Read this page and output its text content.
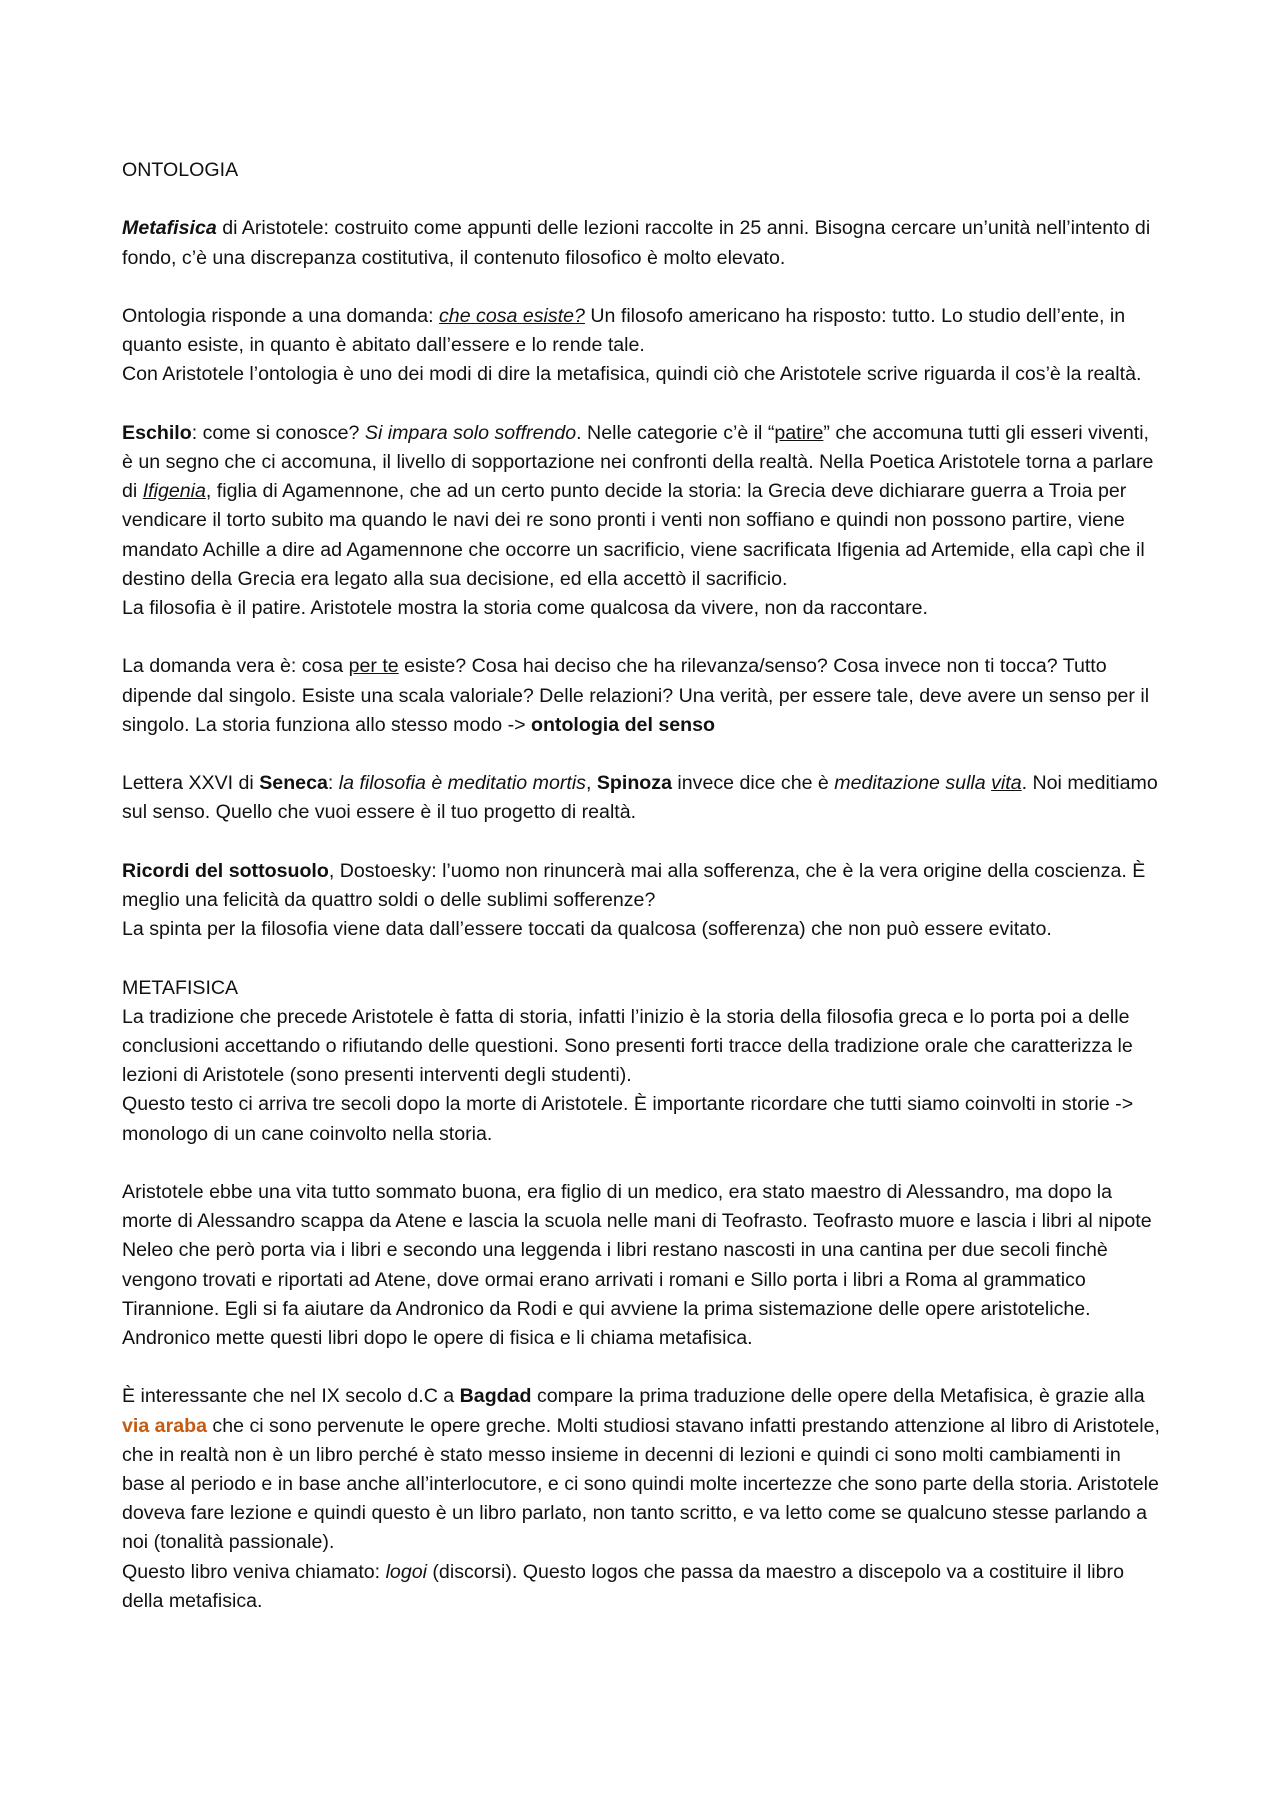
ONTOLOGIA

Metafisica di Aristotele: costruito come appunti delle lezioni raccolte in 25 anni. Bisogna cercare un’unità nell’intento di fondo, c’è una discrepanza costitutiva, il contenuto filosofico è molto elevato.

Ontologia risponde a una domanda: che cosa esiste? Un filosofo americano ha risposto: tutto. Lo studio dell’ente, in quanto esiste, in quanto è abitato dall’essere e lo rende tale.

Con Aristotele l’ontologia è uno dei modi di dire la metafisica, quindi ciò che Aristotele scrive riguarda il cos’è la realtà.

Eschilo: come si conosce? Si impara solo soffrendo. Nelle categorie c’è il “patire” che accomuna tutti gli esseri viventi, è un segno che ci accomuna, il livello di sopportazione nei confronti della realtà. Nella Poetica Aristotele torna a parlare di Ifigenia, figlia di Agamennone, che ad un certo punto decide la storia: la Grecia deve dichiarare guerra a Troia per vendicare il torto subito ma quando le navi dei re sono pronti i venti non soffiano e quindi non possono partire, viene mandato Achille a dire ad Agamennone che occorre un sacrificio, viene sacrificata Ifigenia ad Artemide, ella capì che il destino della Grecia era legato alla sua decisione, ed ella accettò il sacrificio.

La filosofia è il patire. Aristotele mostra la storia come qualcosa da vivere, non da raccontare.

La domanda vera è: cosa per te esiste? Cosa hai deciso che ha rilevanza/senso? Cosa invece non ti tocca? Tutto dipende dal singolo. Esiste una scala valoriale? Delle relazioni? Una verità, per essere tale, deve avere un senso per il singolo. La storia funziona allo stesso modo -> ontologia del senso

Lettera XXVI di Seneca: la filosofia è meditatio mortis, Spinoza invece dice che è meditazione sulla vita. Noi meditiamo sul senso. Quello che vuoi essere è il tuo progetto di realtà.

Ricordi del sottosuolo, Dostoesky: l’uomo non rinuncerà mai alla sofferenza, che è la vera origine della coscienza. È meglio una felicità da quattro soldi o delle sublimi sofferenze?

La spinta per la filosofia viene data dall’essere toccati da qualcosa (sofferenza) che non può essere evitato.

METAFISICA

La tradizione che precede Aristotele è fatta di storia, infatti l’inizio è la storia della filosofia greca e lo porta poi a delle conclusioni accettando o rifiutando delle questioni. Sono presenti forti tracce della tradizione orale che caratterizza le lezioni di Aristotele (sono presenti interventi degli studenti).

Questo testo ci arriva tre secoli dopo la morte di Aristotele. È importante ricordare che tutti siamo coinvolti in storie -> monologo di un cane coinvolto nella storia.

Aristotele ebbe una vita tutto sommato buona, era figlio di un medico, era stato maestro di Alessandro, ma dopo la morte di Alessandro scappa da Atene e lascia la scuola nelle mani di Teofrasto. Teofrasto muore e lascia i libri al nipote Neleo che però porta via i libri e secondo una leggenda i libri restano nascosti in una cantina per due secoli finchè vengono trovati e riportati ad Atene, dove ormai erano arrivati i romani e Sillo porta i libri a Roma al grammatico Tirannione. Egli si fa aiutare da Andronico da Rodi e qui avviene la prima sistemazione delle opere aristoteliche. Andronico mette questi libri dopo le opere di fisica e li chiama metafisica.

È interessante che nel IX secolo d.C a Bagdad compare la prima traduzione delle opere della Metafisica, è grazie alla via araba che ci sono pervenute le opere greche. Molti studiosi stavano infatti prestando attenzione al libro di Aristotele, che in realtà non è un libro perché è stato messo insieme in decenni di lezioni e quindi ci sono molti cambiamenti in base al periodo e in base anche all’interlocutore, e ci sono quindi molte incertezze che sono parte della storia. Aristotele doveva fare lezione e quindi questo è un libro parlato, non tanto scritto, e va letto come se qualcuno stesse parlando a noi (tonalità passionale).

Questo libro veniva chiamato: logoi (discorsi). Questo logos che passa da maestro a discepolo va a costituire il libro della metafisica.
